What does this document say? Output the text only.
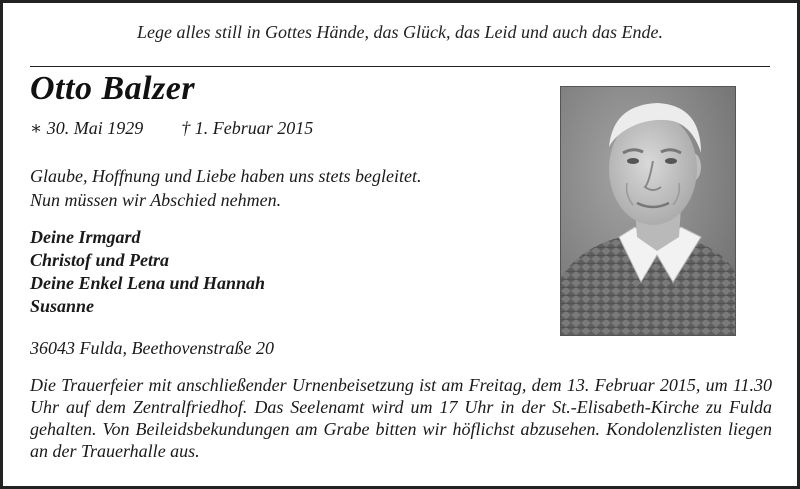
Lege alles still in Gottes Hände, das Glück, das Leid und auch das Ende.
Otto Balzer
∗ 30. Mai 1929 † 1. Februar 2015
Glaube, Hoffnung und Liebe haben uns stets begleitet. Nun müssen wir Abschied nehmen.
Deine Irmgard
Christof und Petra
Deine Enkel Lena und Hannah
Susanne
36043 Fulda, Beethovenstraße 20
Die Trauerfeier mit anschließender Urnenbeisetzung ist am Freitag, dem 13. Februar 2015, um 11.30 Uhr auf dem Zentralfriedhof. Das Seelenamt wird um 17 Uhr in der St.-Elisabeth-Kirche zu Fulda gehalten. Von Beileidsbekundungen am Grabe bitten wir höflichst abzusehen. Kondolenzlisten liegen an der Trauerhalle aus.
